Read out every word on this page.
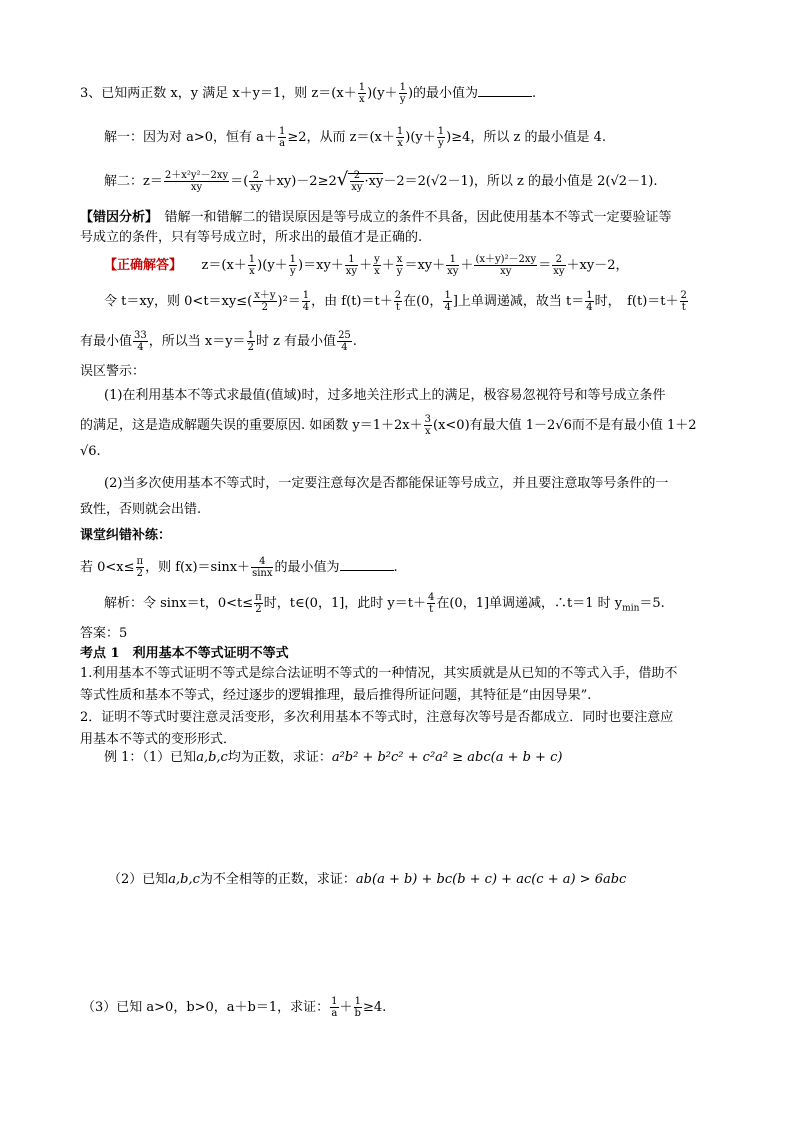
3、已知两正数 x，y 满足 x＋y＝1，则 $z=(x+ \frac{1}{x} )(y+ \frac{1}{y}$ )的最小值为	.
解一：因为对 a>0，恒有 $a+ \frac{1}{a} \ge 2$，从而 $z=(x+ \frac{1}{x} )(y+ \frac{1}{y} )\ge 4$，所以 z 的最小值是 4.
解二：$z= \frac{\text{2＋x²y²－2xy}}{xy}$ ＝( $\frac{2}{xy} +xy)-2\ge 2√ \frac{2}{xy} \cdot xy-2=2(√2-1)$，所以 z 的最小值是 2(√2－1).
【错因分析】　 错解一和错解二的错误原因是等号成立的条件不具备，因此使用基本不等式一定要验证等
号成立的条件，只有等号成立时，所求出的最值才是正确的.
【正确解答】　　 $z=(x+ \frac{1}{x} )(y+ \frac{1}{y} )=xy+ \frac{1}{xy} + \frac{y}{x} + \frac{x}{y} =xy+ \frac{1}{xy} + \frac{\text{(x＋y)²－2xy}}{xy} = \frac{2}{xy} +xy-2$，
令 t＝xy，则 $0<t=xy\le( \frac{x+y}{2} )^2= \frac{1}{4}$ ，由 $f(t)=t+ \frac{2}{t}$ 在(0， $\frac{1}{4}$ ]上单调递减，故当 $t= \frac{1}{4}$ 时，　$f(t)=t+ \frac{2}{t}$
有最小值 $\frac{33}{4}$ ，所以当 $x=y= \frac{1}{2}$ 时 z 有最小值 $\frac{25}{4}$ .
误区警示：
(1)在利用基本不等式求最值(值域)时，过多地关注形式上的满足，极容易忽视符号和等号成立条件
的满足，这是造成解题失误的重要原因. 如函数 $y=1+2x+ \frac{3}{x} (x<0)$有最大值 1－2√6而不是有最小值 1＋2
√6.
(2)当多次使用基本不等式时，一定要注意每次是否都能保证等号成立，并且要注意取等号条件的一
致性，否则就会出错.
课堂纠错补练：
若 $0<x\le \frac{\pi}{2}$ ，则 $f(x)=\sin x+ \frac{4}{\sin x}$ 的最小值为	.
解析：令 sinx＝t，$0<t\le \frac{\pi}{2}$ 时，t∈(0，1]，此时 $y=t+ \frac{4}{t}$ 在(0，1]单调递减，∴t＝1 时 $y_{min}=5$.
答案：5
考点 1　利用基本不等式证明不等式
1.利用基本不等式证明不等式是综合法证明不等式的一种情况，其实质就是从已知的不等式入手，借助不
等式性质和基本不等式，经过逐步的逻辑推理，最后推得所证问题，其特征是“由因导果”.
2．证明不等式时要注意灵活变形，多次利用基本不等式时，注意每次等号是否都成立．同时也要注意应
用基本不等式的变形形式．
例 1：（1）已知a,b,c均为正数，求证：a²b² + b²c² + c²a² ≥ abc(a + b + c)
（2）已知a,b,c为不全相等的正数，求证：ab(a + b) + bc(b + c) + ac(c + a) > 6abc
（3）已知 a>0，b>0，a＋b＝1，求证： $\frac{1}{a} + \frac{1}{b} \ge 4$.
